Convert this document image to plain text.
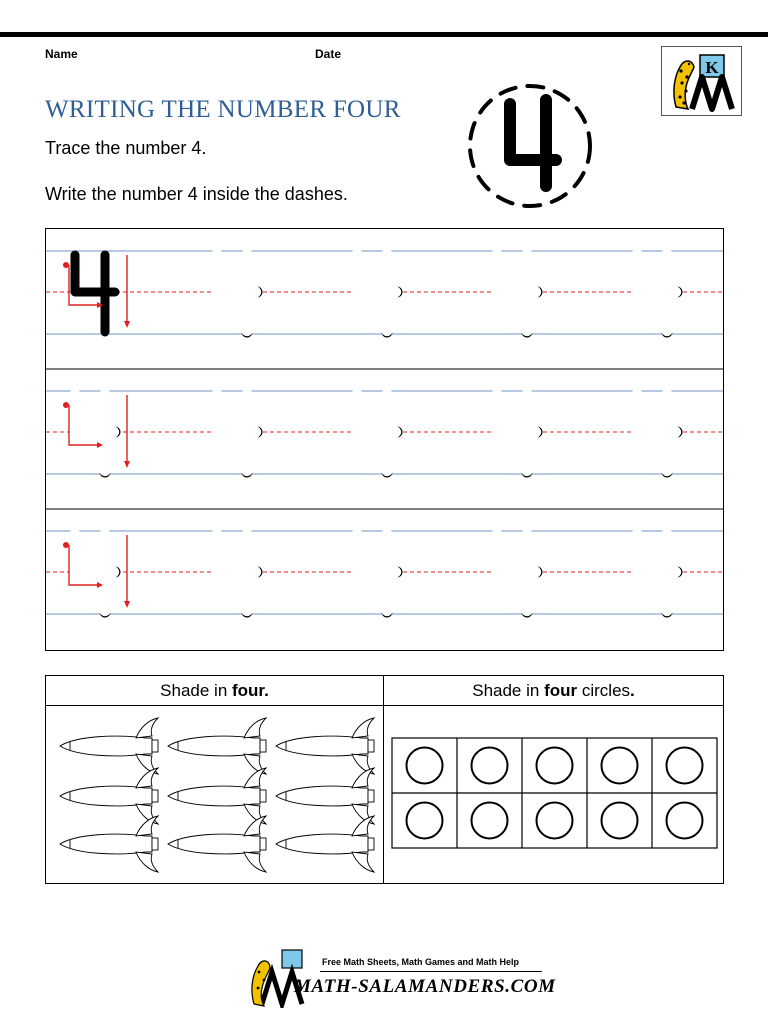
Name	Date
K
WRITING THE NUMBER FOUR
Trace the number 4.
Write the number 4 inside the dashes.
Shade in four.	Shade in four circles.
Free Math Sheets, Math Games and Math Help
MATH-SALAMANDERS.COM
